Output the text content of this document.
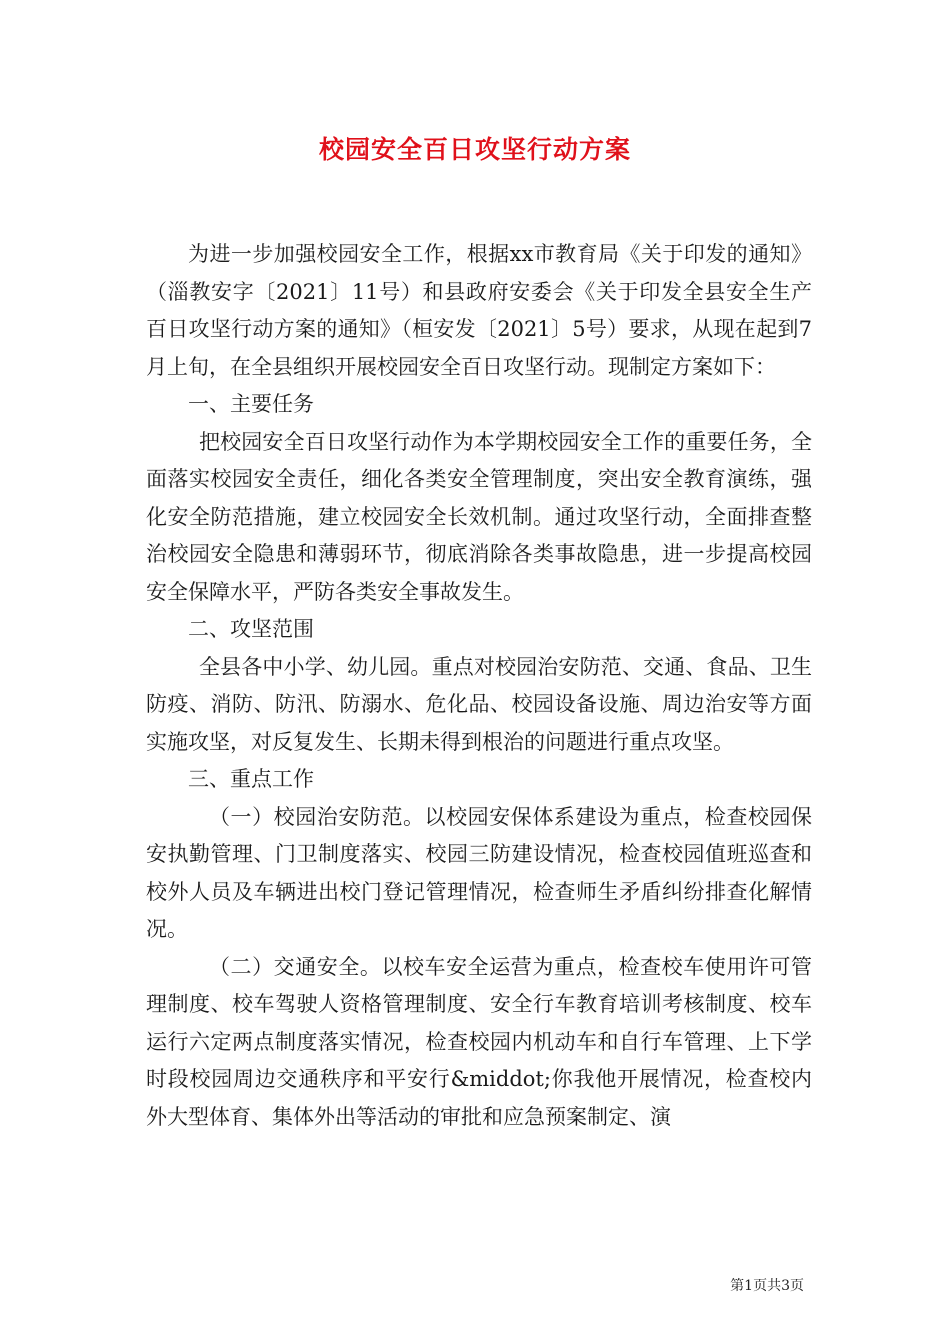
校园安全百日攻坚行动方案

为进一步加强校园安全工作，根据xx市教育局《关于印发的通知》（淄教安字〔2021〕11号）和县政府安委会《关于印发全县安全生产百日攻坚行动方案的通知》（桓安发〔2021〕5号）要求，从现在起到7月上旬，在全县组织开展校园安全百日攻坚行动。现制定方案如下：

一、主要任务

把校园安全百日攻坚行动作为本学期校园安全工作的重要任务，全面落实校园安全责任，细化各类安全管理制度，突出安全教育演练，强化安全防范措施，建立校园安全长效机制。通过攻坚行动，全面排查整治校园安全隐患和薄弱环节，彻底消除各类事故隐患，进一步提高校园安全保障水平，严防各类安全事故发生。

二、攻坚范围

全县各中小学、幼儿园。重点对校园治安防范、交通、食品、卫生防疫、消防、防汛、防溺水、危化品、校园设备设施、周边治安等方面实施攻坚，对反复发生、长期未得到根治的问题进行重点攻坚。

三、重点工作

（一）校园治安防范。以校园安保体系建设为重点，检查校园保安执勤管理、门卫制度落实、校园三防建设情况，检查校园值班巡查和校外人员及车辆进出校门登记管理情况，检查师生矛盾纠纷排查化解情况。

（二）交通安全。以校车安全运营为重点，检查校车使用许可管理制度、校车驾驶人资格管理制度、安全行车教育培训考核制度、校车运行六定两点制度落实情况，检查校园内机动车和自行车管理、上下学时段校园周边交通秩序和平安行&middot;你我他开展情况，检查校内外大型体育、集体外出等活动的审批和应急预案制定、演

第1页共3页
